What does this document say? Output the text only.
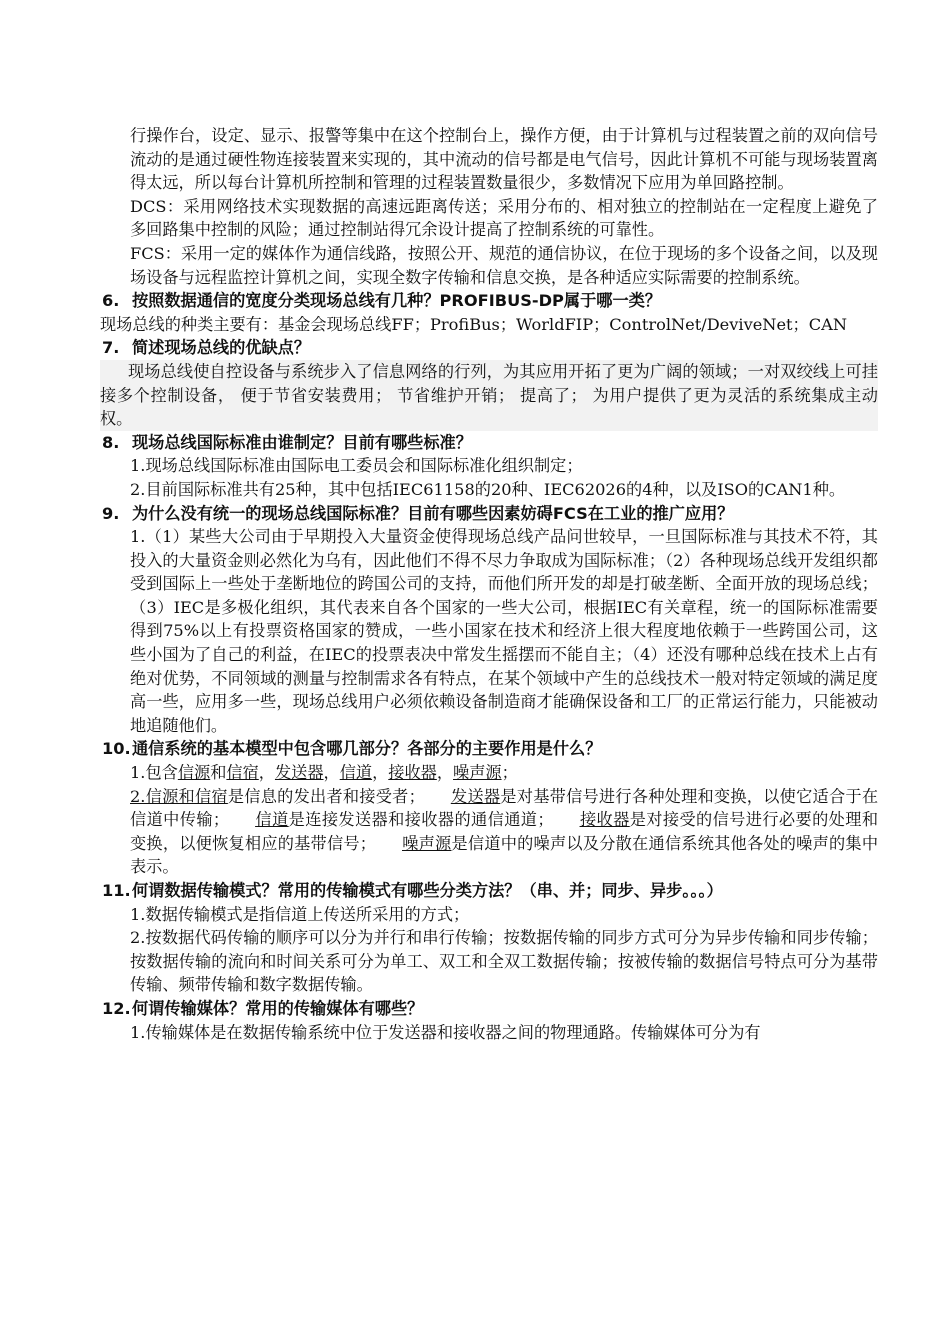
行操作台，设定、显示、报警等集中在这个控制台上，操作方便，由于计算机与过程装置之前的双向信号流动的是通过硬性物连接装置来实现的，其中流动的信号都是电气信号，因此计算机不可能与现场装置离得太远，所以每台计算机所控制和管理的过程装置数量很少，多数情况下应用为单回路控制。

DCS：采用网络技术实现数据的高速远距离传送；采用分布的、相对独立的控制站在一定程度上避免了多回路集中控制的风险；通过控制站得冗余设计提高了控制系统的可靠性。

FCS：采用一定的媒体作为通信线路，按照公开、规范的通信协议，在位于现场的多个设备之间，以及现场设备与远程监控计算机之间，实现全数字传输和信息交换，是各种适应实际需要的控制系统。

6. 按照数据通信的宽度分类现场总线有几种？PROFIBUS-DP属于哪一类？

现场总线的种类主要有：基金会现场总线FF；ProfiBus；WorldFIP；ControlNet/DeviveNet；CAN

7. 简述现场总线的优缺点？

现场总线使自控设备与系统步入了信息网络的行列，为其应用开拓了更为广阔的领域；一对双绞线上可挂接多个控制设备， 便于节省安装费用； 节省维护开销； 提高了； 为用户提供了更为灵活的系统集成主动权。

8. 现场总线国际标准由谁制定？目前有哪些标准？

1.现场总线国际标准由国际电工委员会和国际标准化组织制定；

2.目前国际标准共有25种，其中包括IEC61158的20种、IEC62026的4种，以及ISO的CAN1种。

9. 为什么没有统一的现场总线国际标准？目前有哪些因素妨碍FCS在工业的推广应用？

1.（1）某些大公司由于早期投入大量资金使得现场总线产品问世较早，一旦国际标准与其技术不符，其投入的大量资金则必然化为乌有，因此他们不得不尽力争取成为国际标准；（2）各种现场总线开发组织都受到国际上一些处于垄断地位的跨国公司的支持，而他们所开发的却是打破垄断、全面开放的现场总线；（3）IEC是多极化组织，其代表来自各个国家的一些大公司，根据IEC有关章程，统一的国际标准需要得到75%以上有投票资格国家的赞成，一些小国家在技术和经济上很大程度地依赖于一些跨国公司，这些小国为了自己的利益，在IEC的投票表决中常发生摇摆而不能自主；（4）还没有哪种总线在技术上占有绝对优势，不同领域的测量与控制需求各有特点，在某个领域中产生的总线技术一般对特定领域的满足度高一些，应用多一些，现场总线用户必须依赖设备制造商才能确保设备和工厂的正常运行能力，只能被动地追随他们。

10.通信系统的基本模型中包含哪几部分？各部分的主要作用是什么？

1.包含信源和信宿，发送器，信道，接收器，噪声源；

2.信源和信宿是信息的发出者和接受者； 发送器是对基带信号进行各种处理和变换，以使它适合于在信道中传输； 信道是连接发送器和接收器的通信通道； 接收器是对接受的信号进行必要的处理和变换，以便恢复相应的基带信号； 噪声源是信道中的噪声以及分散在通信系统其他各处的噪声的集中表示。

11.何谓数据传输模式？常用的传输模式有哪些分类方法？（串、并；同步、异步。。。）

1.数据传输模式是指信道上传送所采用的方式；

2.按数据代码传输的顺序可以分为并行和串行传输；按数据传输的同步方式可分为异步传输和同步传输；按数据传输的流向和时间关系可分为单工、双工和全双工数据传输；按被传输的数据信号特点可分为基带传输、频带传输和数字数据传输。

12.何谓传输媒体？常用的传输媒体有哪些？

1.传输媒体是在数据传输系统中位于发送器和接收器之间的物理通路。传输媒体可分为有
